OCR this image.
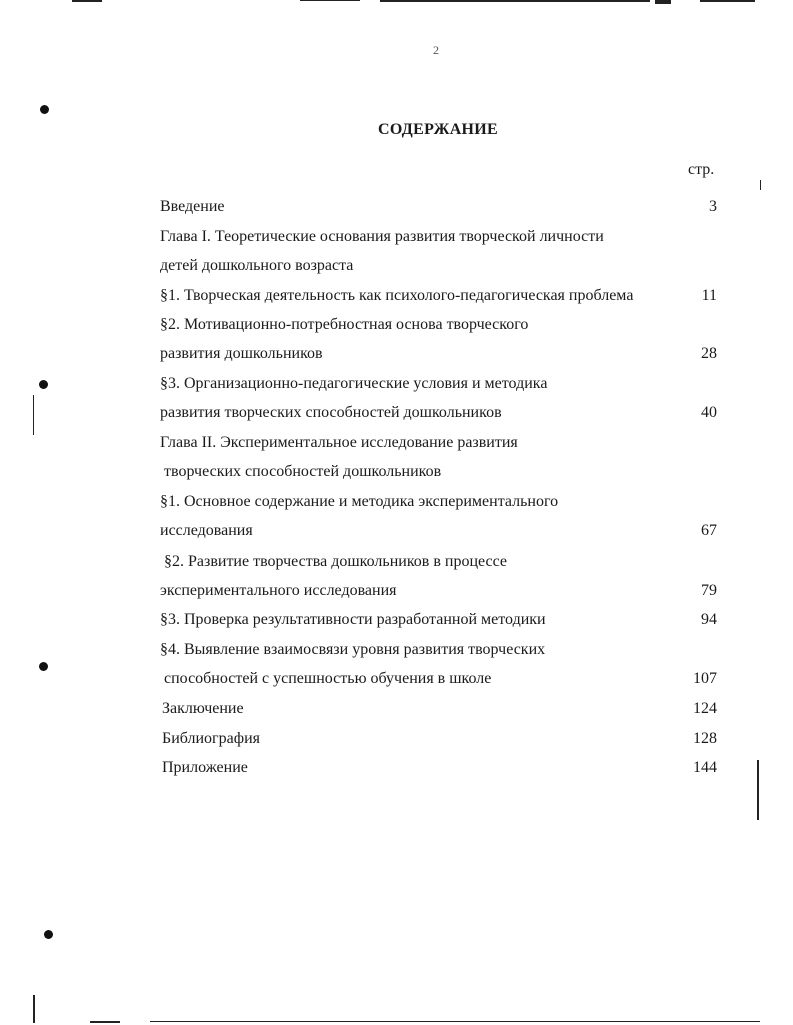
2
СОДЕРЖАНИЕ
стр.
Введение	3
Глава I. Теоретические основания развития творческой личности
детей дошкольного возраста
§1. Творческая деятельность как психолого-педагогическая проблема	11
§2. Мотивационно-потребностная основа творческого
развития дошкольников	28
§3. Организационно-педагогические условия и методика
развития творческих способностей дошкольников	40
Глава II. Экспериментальное исследование развития
творческих способностей дошкольников
§1. Основное содержание и методика экспериментального
исследования	67
§2. Развитие творчества дошкольников в процессе
экспериментального исследования	79
§3. Проверка результативности разработанной методики	94
§4. Выявление взаимосвязи уровня развития творческих
способностей с успешностью обучения в школе	107
Заключение	124
Библиография	128
Приложение	144
